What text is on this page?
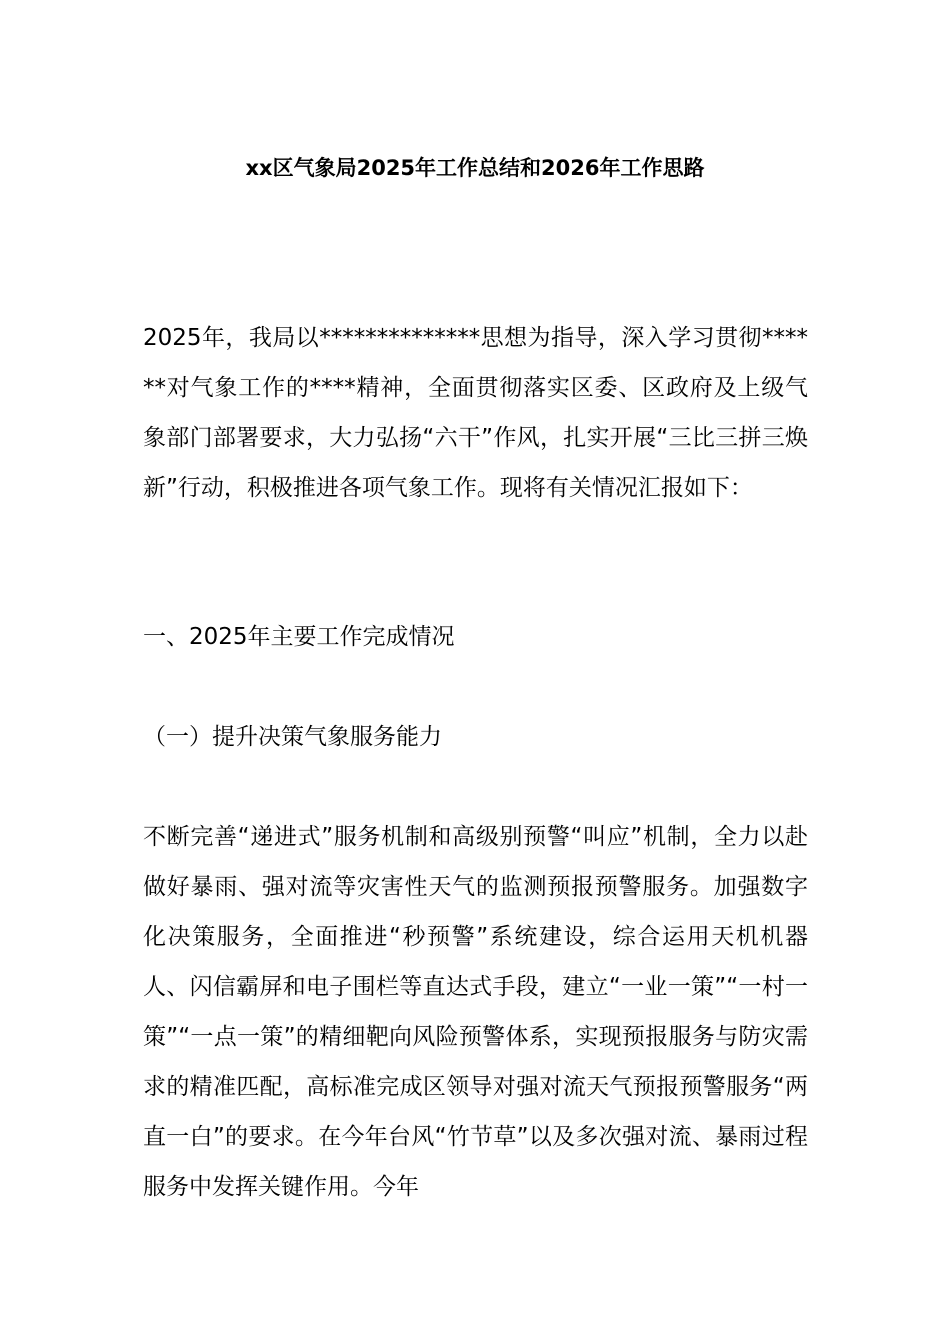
xx区气象局2025年工作总结和2026年工作思路

2025年，我局以**************思想为指导，深入学习贯彻******对气象工作的****精神，全面贯彻落实区委、区政府及上级气象部门部署要求，大力弘扬“六干”作风，扎实开展“三比三拼三焕新”行动，积极推进各项气象工作。现将有关情况汇报如下：

一、2025年主要工作完成情况

（一）提升决策气象服务能力

不断完善“递进式”服务机制和高级别预警“叫应”机制，全力以赴做好暴雨、强对流等灾害性天气的监测预报预警服务。加强数字化决策服务，全面推进“秒预警”系统建设，综合运用天机机器人、闪信霸屏和电子围栏等直达式手段，建立“一业一策”“一村一策”“一点一策”的精细靶向风险预警体系，实现预报服务与防灾需求的精准匹配，高标准完成区领导对强对流天气预报预警服务“两直一白”的要求。在今年台风“竹节草”以及多次强对流、暴雨过程服务中发挥关键作用。今年
